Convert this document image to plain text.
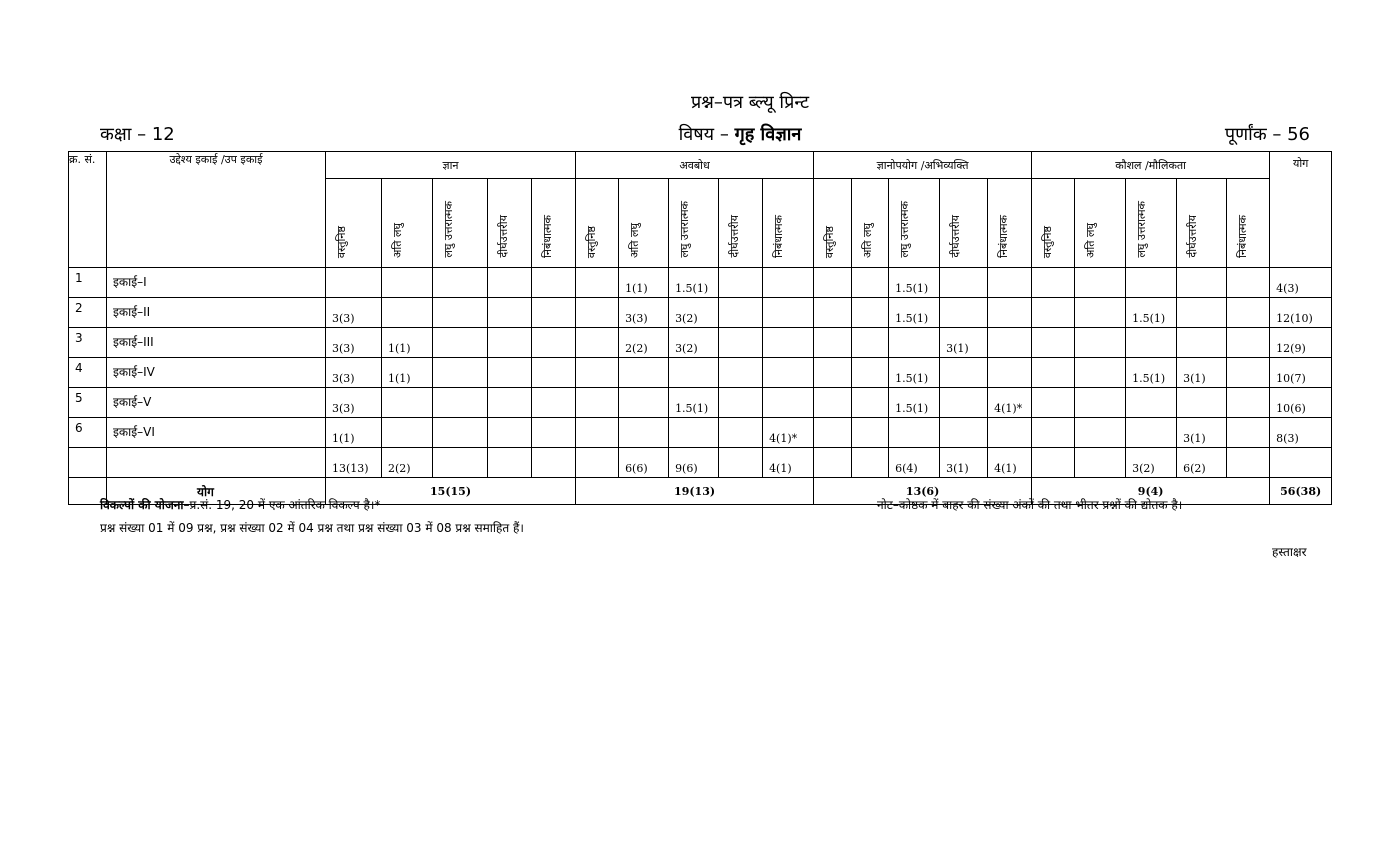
प्रश्न–पत्र ब्ल्यू प्रिन्ट
कक्षा – 12	विषय – गृह विज्ञान	पूर्णांक – 56
क्र. सं.	उद्देश्य इकाई /उप इकाई	ज्ञान					अवबोध					ज्ञानोपयोग /अभिव्यक्ति					कौशल /मौलिकता					योग
		वस्तुनिष्ठ	अति लघु	लघु उत्तरात्मक	दीर्घउत्तरीय	निबंधात्मक	वस्तुनिष्ठ	अति लघु	लघु उत्तरात्मक	दीर्घउत्तरीय	निबंधात्मक	वस्तुनिष्ठ	अति लघु	लघु उत्तरात्मक	दीर्घउत्तरीय	निबंधात्मक	वस्तुनिष्ठ	अति लघु	लघु उत्तरात्मक	दीर्घउत्तरीय	निबंधात्मक	
1	इकाई–I							1(1)	1.5(1)					1.5(1)								4(3)
2	इकाई–II	3(3)						3(3)	3(2)					1.5(1)					1.5(1)			12(10)
3	इकाई–III	3(3)	1(1)					2(2)	3(2)						3(1)							12(9)
4	इकाई–IV	3(3)	1(1)											1.5(1)					1.5(1)	3(1)		10(7)
5	इकाई–V	3(3)							1.5(1)					1.5(1)		4(1)*						10(6)
6	इकाई–VI	1(1)									4(1)*									3(1)		8(3)
		13(13)	2(2)					6(6)	9(6)		4(1)			6(4)	3(1)	4(1)			3(2)	6(2)		
	योग	15(15)					19(13)					13(6)					9(4)					56(38)
विकल्पों की योजना–प्र.सं. 19, 20 में एक आंतरिक विकल्प है।*	नोट–कोष्ठक में बाहर की संख्या अंकों की तथा भीतर प्रश्नों की द्योतक है।
प्रश्न संख्या 01 में 09 प्रश्न, प्रश्न संख्या 02 में 04 प्रश्न तथा प्रश्न संख्या 03 में 08 प्रश्न समाहित हैं।
हस्ताक्षर
